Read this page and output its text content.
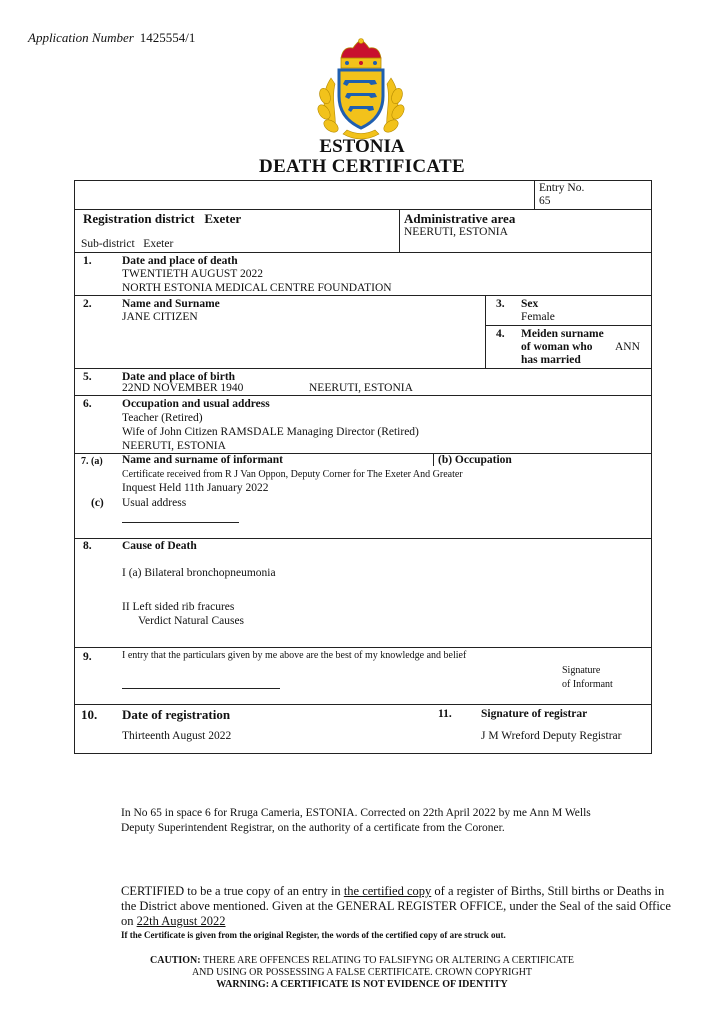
Application Number 1425554/1
ESTONIA
DEATH CERTIFICATE
Entry No.
65
Registration district Exeter
Sub-district Exeter
Administrative area
NEERUTI, ESTONIA
1.	Date and place of death
TWENTIETH AUGUST 2022
NORTH ESTONIA MEDICAL CENTRE FOUNDATION
2.	Name and Surname
JANE CITIZEN
3. Sex
Female
4. Meiden surname
of woman who
has married
ANN
5.	Date and place of birth
22ND NOVEMBER 1940	NEERUTI, ESTONIA
6.	Occupation and usual address
Teacher (Retired)
Wife of John Citizen RAMSDALE Managing Director (Retired)
NEERUTI, ESTONIA
7. (a) Name and surname of informant	(b) Occupation
Certificate received from R J Van Oppon, Deputy Corner for The Exeter And Greater
Inquest Held 11th January 2022
(c) Usual address
8.	Cause of Death
I (a) Bilateral bronchopneumonia
II Left sided rib fracures
Verdict Natural Causes
9.	I entry that the particulars given by me above are the best of my knowledge and belief
Signature
of Informant
10. Date of registration
Thirteenth August 2022
11.	Signature of registrar
J M Wreford Deputy Registrar
In No 65 in space 6 for Rruga Cameria, ESTONIA. Corrected on 22th April 2022 by me Ann M Wells Deputy Superintendent Registrar, on the authority of a certificate from the Coroner.
CERTIFIED to be a true copy of an entry in the certified copy of a register of Births, Still births or Deaths in the District above mentioned. Given at the GENERAL REGISTER OFFICE, under the Seal of the said Office on 22th August 2022
If the Certificate is given from the original Register, the words of the certified copy of are struck out.
CAUTION: THERE ARE OFFENCES RELATING TO FALSIFYNG OR ALTERING A CERTIFICATE
AND USING OR POSSESSING A FALSE CERTIFICATE. CROWN COPYRIGHT
WARNING: A CERTIFICATE IS NOT EVIDENCE OF IDENTITY
